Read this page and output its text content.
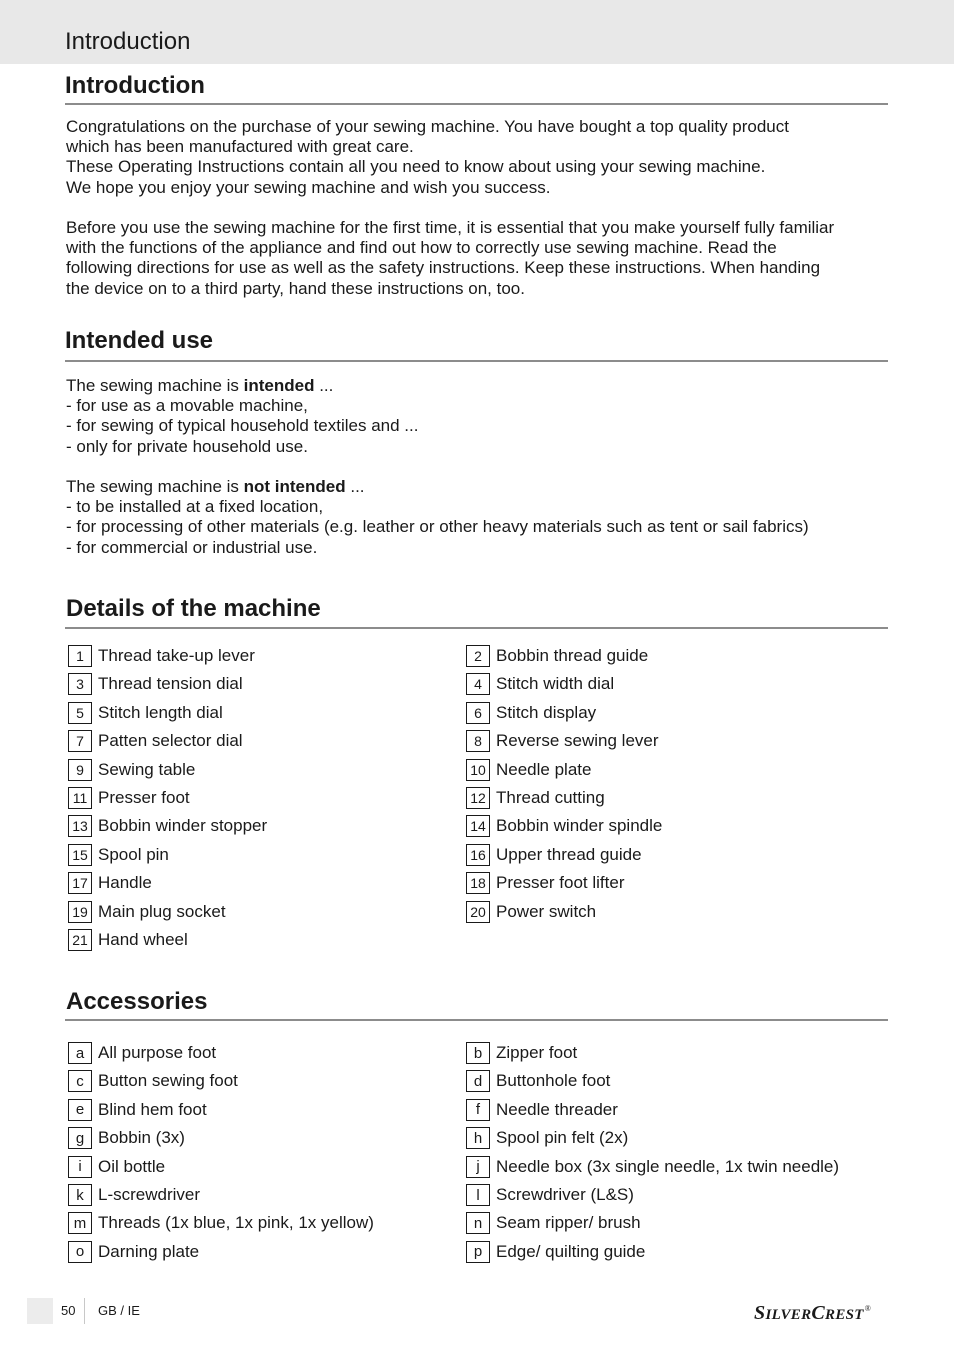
Introduction
Introduction
Congratulations on the purchase of your sewing machine. You have bought a top quality product
which has been manufactured with great care.
These Operating Instructions contain all you need to know about using your sewing machine.
We hope you enjoy your sewing machine and wish you success.
Before you use the sewing machine for the first time, it is essential that you make yourself fully familiar
with the functions of the appliance and find out how to correctly use sewing machine. Read the
following directions for use as well as the safety instructions. Keep these instructions. When handing
the device on to a third party, hand these instructions on, too.
Intended use
The sewing machine is intended ...
- for use as a movable machine,
- for sewing of typical household textiles and ...
- only for private household use.
The sewing machine is not intended ...
- to be installed at a fixed location,
- for processing of other materials (e.g. leather or other heavy materials such as tent or sail fabrics)
- for commercial or industrial use.
Details of the machine
1 Thread take-up lever
3 Thread tension dial
5 Stitch length dial
7 Patten selector dial
9 Sewing table
11 Presser foot
13 Bobbin winder stopper
15 Spool pin
17 Handle
19 Main plug socket
21 Hand wheel
2 Bobbin thread guide
4 Stitch width dial
6 Stitch display
8 Reverse sewing lever
10 Needle plate
12 Thread cutting
14 Bobbin winder spindle
16 Upper thread guide
18 Presser foot lifter
20 Power switch
Accessories
a All purpose foot
c Button sewing foot
e Blind hem foot
g Bobbin (3x)
i Oil bottle
k L-screwdriver
m Threads (1x blue, 1x pink, 1x yellow)
o Darning plate
b Zipper foot
d Buttonhole foot
f Needle threader
h Spool pin felt (2x)
j Needle box (3x single needle, 1x twin needle)
l Screwdriver (L&S)
n Seam ripper/ brush
p Edge/ quilting guide
50 GB / IE	SILVERCREST®
